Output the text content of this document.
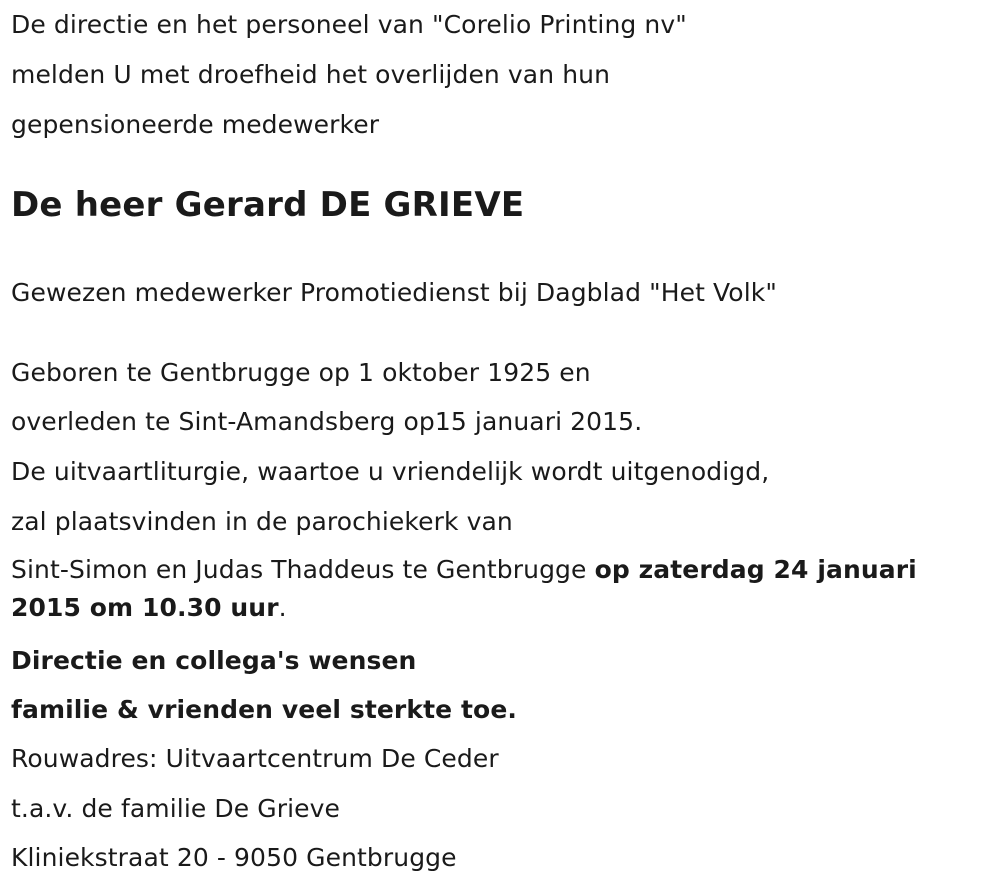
De directie en het personeel van "Corelio Printing nv"
melden U met droefheid het overlijden van hun
gepensioneerde medewerker
De heer Gerard DE GRIEVE
Gewezen medewerker Promotiedienst bij Dagblad "Het Volk"
Geboren te Gentbrugge op 1 oktober 1925 en
overleden te Sint-Amandsberg op15 januari 2015.
De uitvaartliturgie, waartoe u vriendelijk wordt uitgenodigd,
zal plaatsvinden in de parochiekerk van
Sint-Simon en Judas Thaddeus te Gentbrugge op zaterdag 24 januari 2015 om 10.30 uur.
Directie en collega's wensen
familie & vrienden veel sterkte toe.
Rouwadres: Uitvaartcentrum De Ceder
t.a.v. de familie De Grieve
Kliniekstraat 20 - 9050 Gentbrugge
